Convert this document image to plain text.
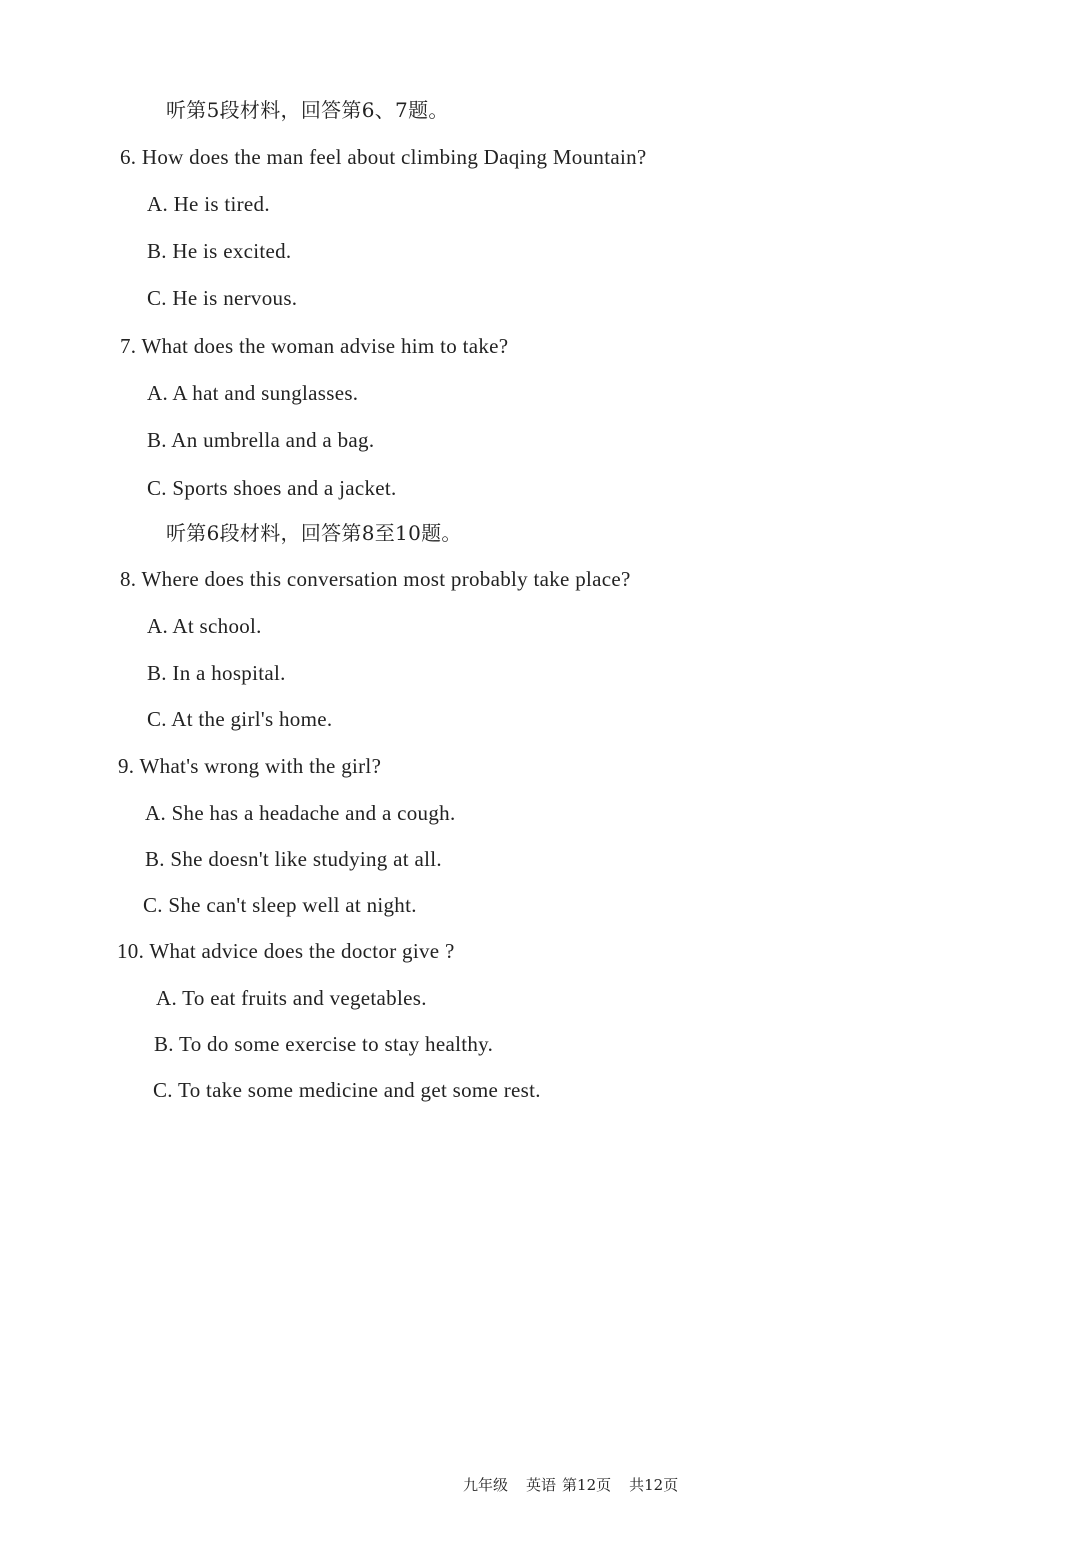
听第5段材料，回答第6、7题。
6. How does the man feel about climbing Daqing Mountain?
A. He is tired.
B. He is excited.
C. He is nervous.
7. What does the woman advise him to take?
A. A hat and sunglasses.
B. An umbrella and a bag.
C. Sports shoes and a jacket.
听第6段材料，回答第8至10题。
8. Where does this conversation most probably take place?
A. At school.
B. In a hospital.
C. At the girl's home.
9. What's wrong with the girl?
A. She has a headache and a cough.
B. She doesn't like studying at all.
C. She can't sleep well at night.
10. What advice does the doctor give ?
A. To eat fruits and vegetables.
B. To do some exercise to stay healthy.
C. To take some medicine and get some rest.
九年级 英语 第12页 共12页
